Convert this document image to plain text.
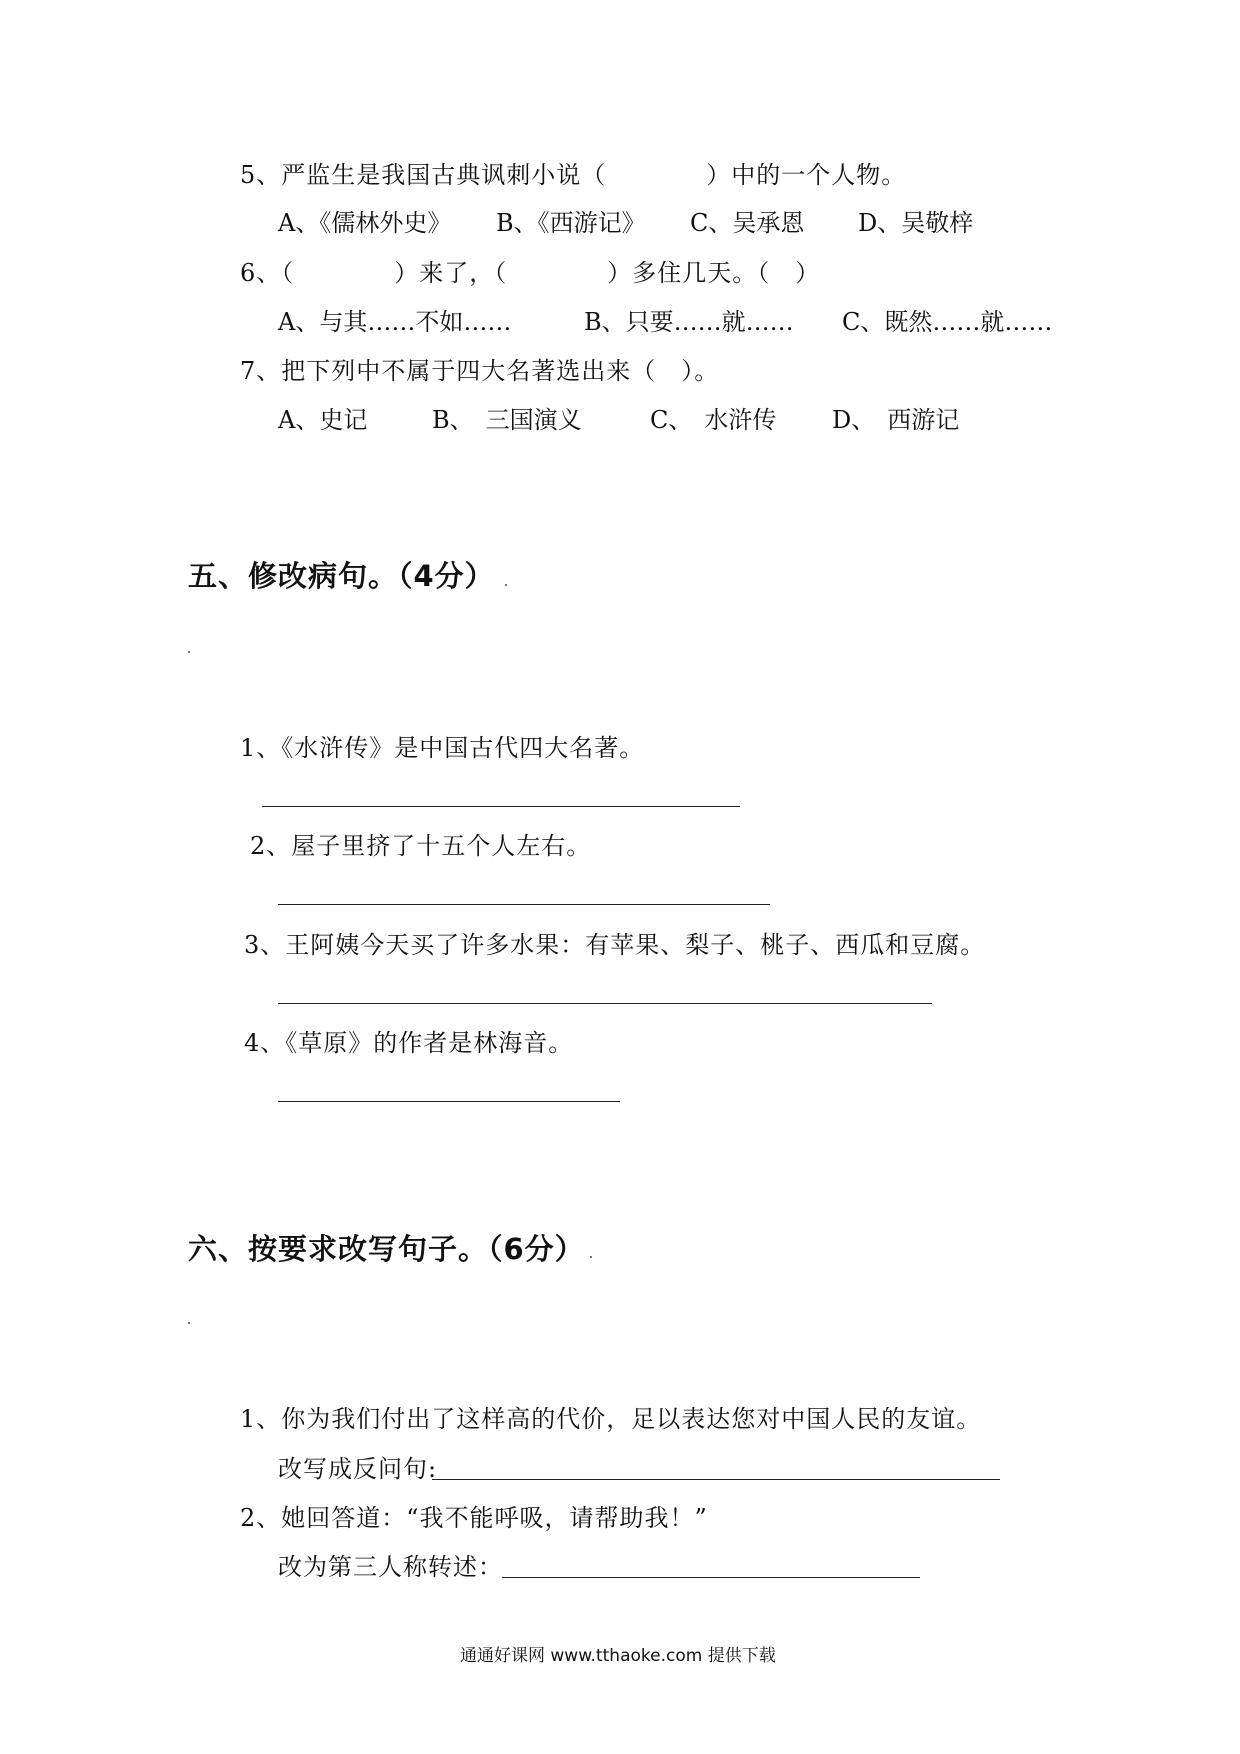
5、严监生是我国古典讽刺小说（　　　　）中的一个人物。
A、《儒林外史》 B、《西游记》 C、吴承恩 D、吴敬梓
6、（　　　　）来了，（　　　　）多住几天。（　）
A、与其……不如……	B、只要……就…… C、既然……就……
7、把下列中不属于四大名著选出来（　）。
A、史记	B、　三国演义	C、　水浒传 D、　西游记
五、修改病句。（4分）
1、《水浒传》是中国古代四大名著。
2、屋子里挤了十五个人左右。
3、王阿姨今天买了许多水果：有苹果、梨子、桃子、西瓜和豆腐。
4、《草原》的作者是林海音。
六、按要求改写句子。（6分）
1、你为我们付出了这样高的代价，足以表达您对中国人民的友谊。
改写成反问句:
2、她回答道：“我不能呼吸，请帮助我！”
改为第三人称转述：
通通好课网 www.tthaoke.com 提供下载
